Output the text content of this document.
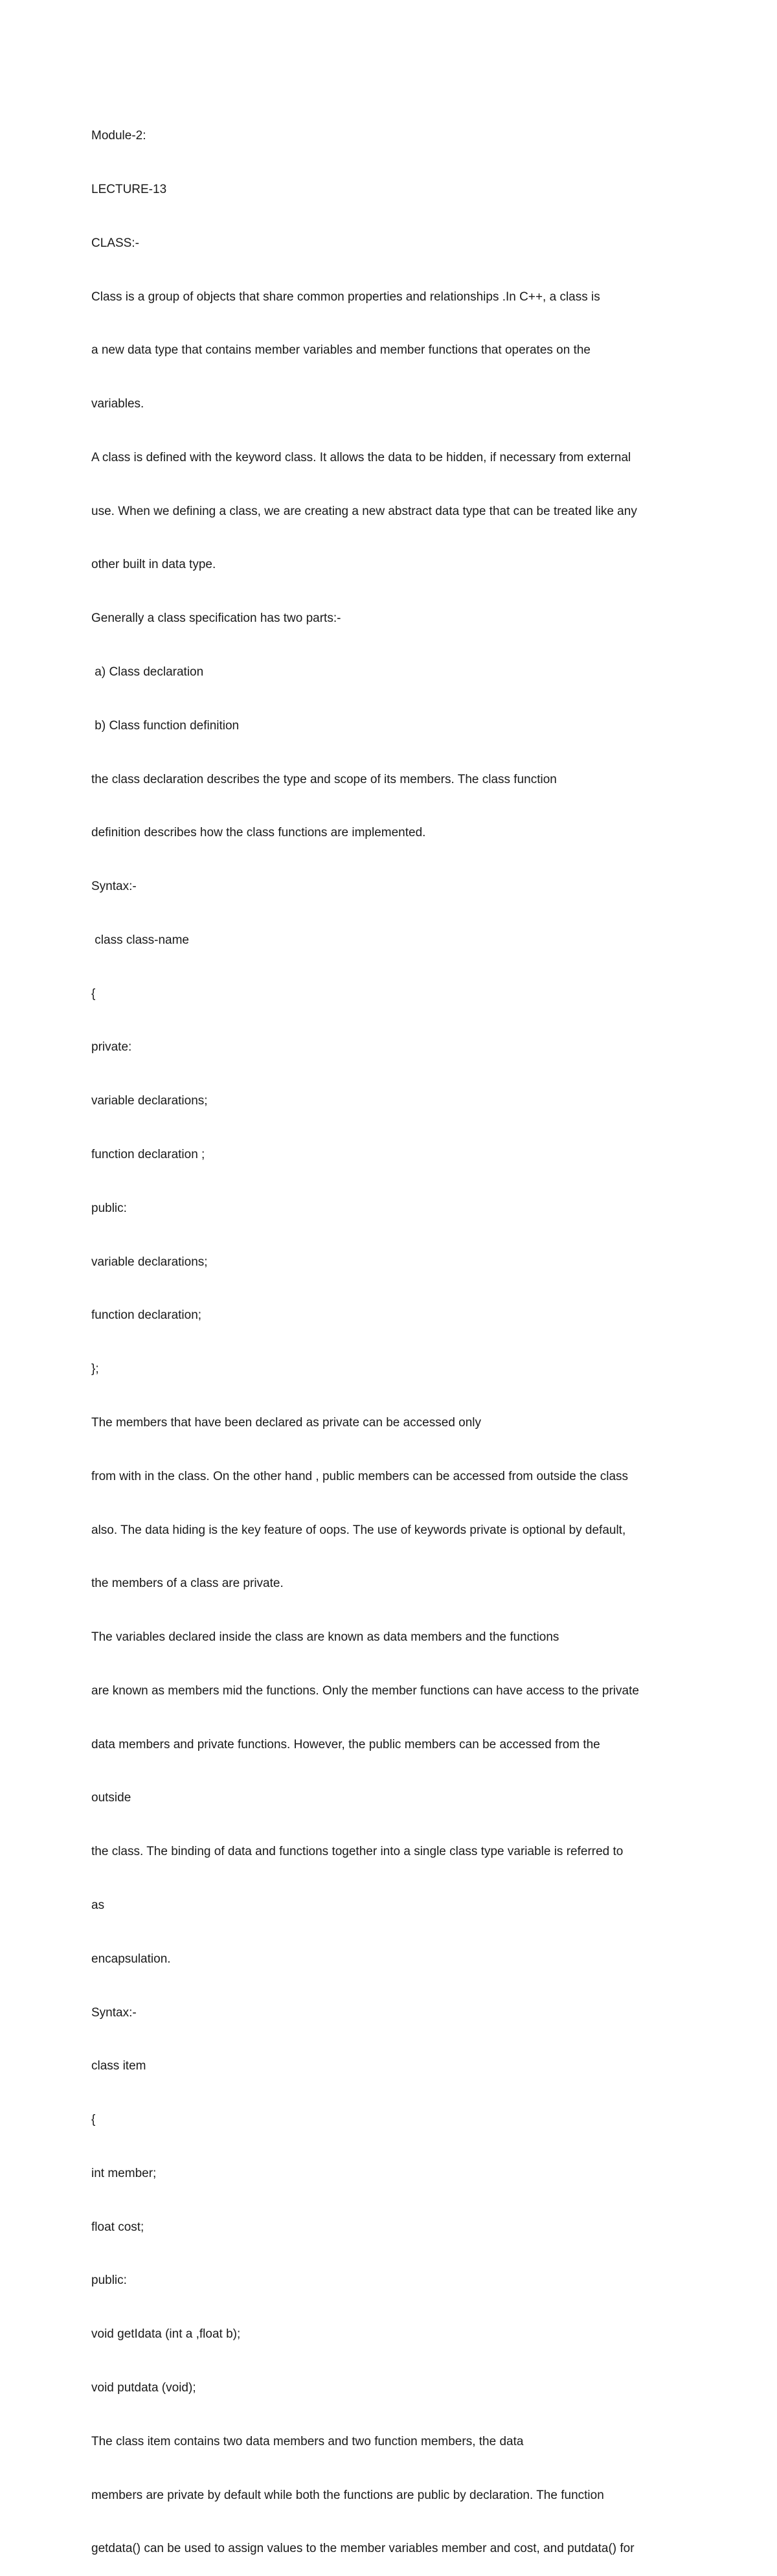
Module-2:

LECTURE-13

CLASS:-

Class is a group of objects that share common properties and relationships .In C++, a class is

a new data type that contains member variables and member functions that operates on the

variables.

A class is defined with the keyword class. It allows the data to be hidden, if necessary from external

use. When we defining a class, we are creating a new abstract data type that can be treated like any

other built in data type.

Generally a class specification has two parts:-

a) Class declaration

b) Class function definition

the class declaration describes the type and scope of its members. The class function

definition describes how the class functions are implemented.

Syntax:-

class class-name

{

private:

variable declarations;

function declaration ;

public:

variable declarations;

function declaration;

};

The members that have been declared as private can be accessed only

from with in the class. On the other hand , public members can be accessed from outside the class

also. The data hiding is the key feature of oops. The use of keywords private is optional by default,

the members of a class are private.

The variables declared inside the class are known as data members and the functions

are known as members mid the functions. Only the member functions can have access to the private

data members and private functions. However, the public members can be accessed from the

outside

the class. The binding of data and functions together into a single class type variable is referred to

as

encapsulation.

Syntax:-

class item

{

int member;

float cost;

public:

void getIdata (int a ,float b);

void putdata (void);

The class item contains two data members and two function members, the data

members are private by default while both the functions are public by declaration. The function

getdata() can be used to assign values to the member variables member and cost, and putdata() for
